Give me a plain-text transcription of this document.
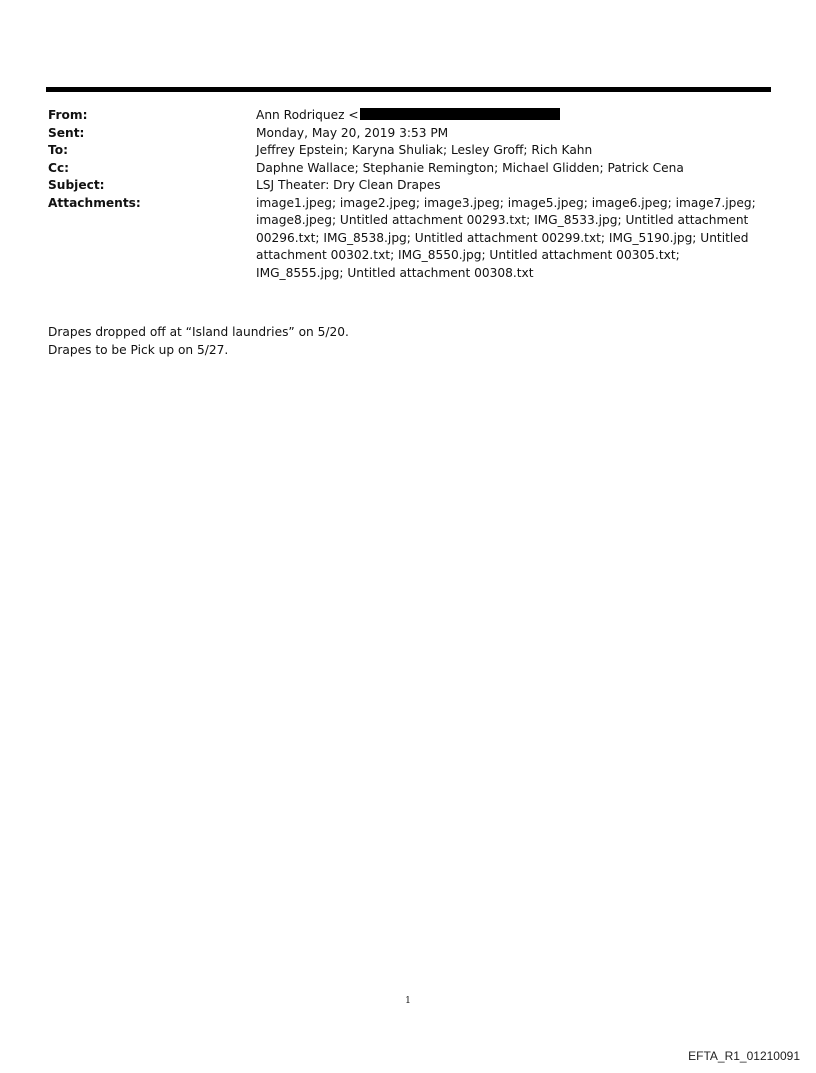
From:	Ann Rodriquez <
Sent:	Monday, May 20, 2019 3:53 PM
To:	Jeffrey Epstein; Karyna Shuliak; Lesley Groff; Rich Kahn
Cc:	Daphne Wallace; Stephanie Remington; Michael Glidden; Patrick Cena
Subject:	LSJ Theater: Dry Clean Drapes
Attachments:	image1.jpeg; image2.jpeg; image3.jpeg; image5.jpeg; image6.jpeg; image7.jpeg; image8.jpeg; Untitled attachment 00293.txt; IMG_8533.jpg; Untitled attachment 00296.txt; IMG_8538.jpg; Untitled attachment 00299.txt; IMG_5190.jpg; Untitled attachment 00302.txt; IMG_8550.jpg; Untitled attachment 00305.txt; IMG_8555.jpg; Untitled attachment 00308.txt
Drapes dropped off at “Island laundries” on 5/20.
Drapes to be Pick up on 5/27.
1
EFTA_R1_01210091
